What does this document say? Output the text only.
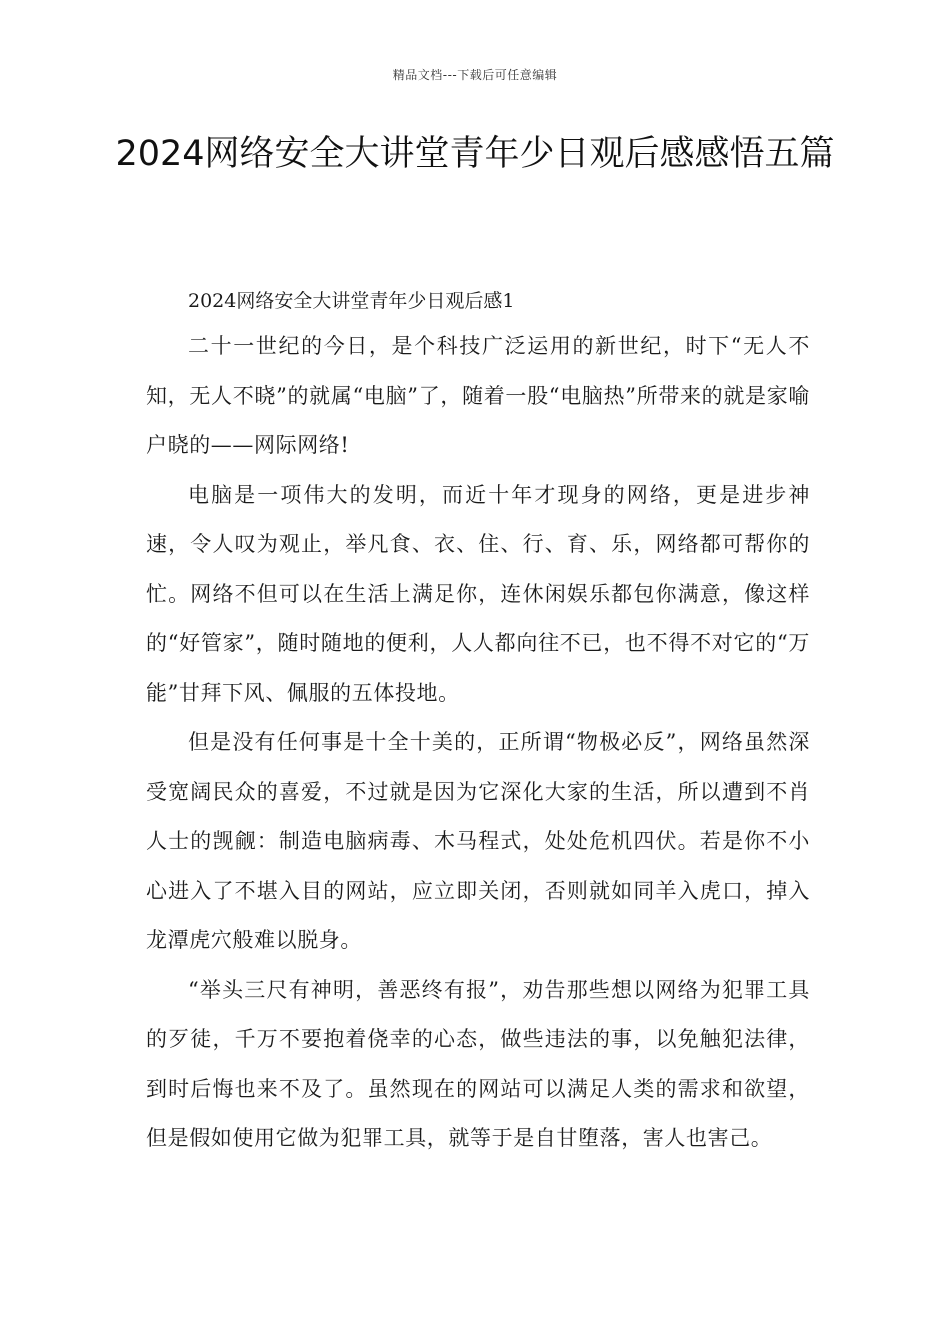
精品文档---下载后可任意编辑
2024网络安全大讲堂青年少日观后感感悟五篇

2024网络安全大讲堂青年少日观后感1

二十一世纪的今日，是个科技广泛运用的新世纪，时下“无人不知，无人不晓”的就属“电脑”了，随着一股“电脑热”所带来的就是家喻户晓的——网际网络!

电脑是一项伟大的发明，而近十年才现身的网络，更是进步神速，令人叹为观止，举凡食、衣、住、行、育、乐，网络都可帮你的忙。网络不但可以在生活上满足你，连休闲娱乐都包你满意，像这样的“好管家”，随时随地的便利，人人都向往不已，也不得不对它的“万能”甘拜下风、佩服的五体投地。

但是没有任何事是十全十美的，正所谓“物极必反”，网络虽然深受宽阔民众的喜爱，不过就是因为它深化大家的生活，所以遭到不肖人士的觊觎：制造电脑病毒、木马程式，处处危机四伏。若是你不小心进入了不堪入目的网站，应立即关闭，否则就如同羊入虎口，掉入龙潭虎穴般难以脱身。

“举头三尺有神明，善恶终有报”，劝告那些想以网络为犯罪工具的歹徒，千万不要抱着侥幸的心态，做些违法的事，以免触犯法律，到时后悔也来不及了。虽然现在的网站可以满足人类的需求和欲望，但是假如使用它做为犯罪工具，就等于是自甘堕落，害人也害己。
